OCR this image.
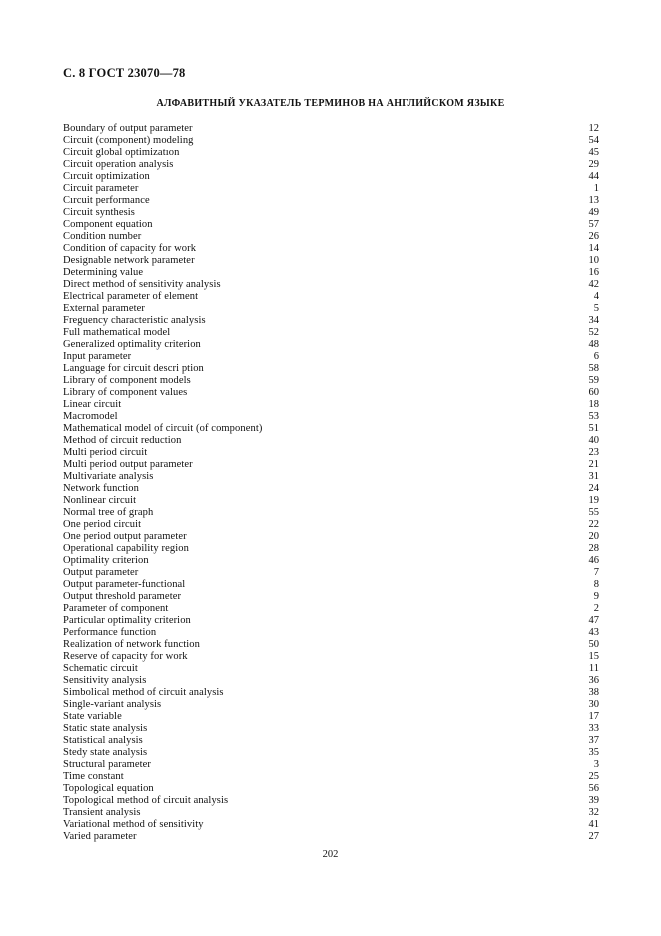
С. 8 ГОСТ 23070—78
АЛФАВИТНЫЙ УКАЗАТЕЛЬ ТЕРМИНОВ НА АНГЛИЙСКОМ ЯЗЫКЕ
Boundary of output parameter	12
Circuit (component) modeling	54
Circuit global optimizatıon	45
Circuit operation analysis	29
Cırcuit optimization	44
Circuit parameter	1
Cırcuit performance	13
Circuit synthesis	49
Component equation	57
Condition number	26
Condition of capacity for work	14
Designable network parameter	10
Determining value	16
Direct method of sensitivity analysis	42
Electrical parameter of element	4
External parameter	5
Freguency characteristic analysis	34
Full mathematical model	52
Generalized optimality criterion	48
Input parameter	6
Language for circuit descri ption	58
Library of component models	59
Library of component values	60
Linear circuit	18
Macromodel	53
Mathematical model of circuit (of component)	51
Method of circuit reduction	40
Multi period circuit	23
Multi period output parameter	21
Multivariate analysis	31
Network function	24
Nonlinear circuit	19
Normal tree of graph	55
One period circuit	22
One period output parameter	20
Operational capability region	28
Optimality criterion	46
Output parameter	7
Output parameter-functional	8
Output threshold parameter	9
Parameter of component	2
Particular optimality criterion	47
Performance function	43
Realization of network function	50
Reserve of capacity for work	15
Schematic circuit	11
Sensitivity analysis	36
Simbolical method of circuit analysis	38
Single-variant analysis	30
State variable	17
Static state analysis	33
Statistical analysis	37
Stedy state analysis	35
Structural parameter	3
Time constant	25
Topological equation	56
Topological method of circuit analysis	39
Transient analysis	32
Variational method of sensitivity	41
Varied parameter	27
202
